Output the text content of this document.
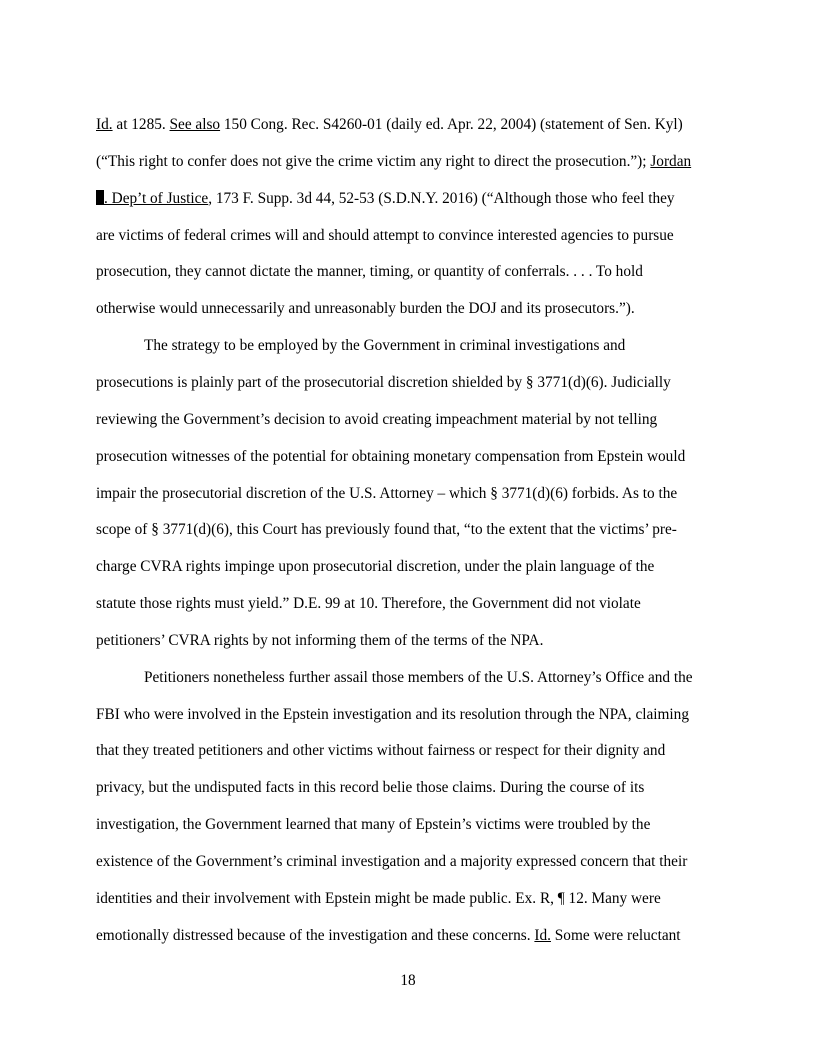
Id. at 1285. See also 150 Cong. Rec. S4260-01 (daily ed. Apr. 22, 2004) (statement of Sen. Kyl)

(“This right to confer does not give the crime victim any right to direct the prosecution.”); Jordan

. Dep’t of Justice, 173 F. Supp. 3d 44, 52-53 (S.D.N.Y. 2016) (“Although those who feel they

are victims of federal crimes will and should attempt to convince interested agencies to pursue

prosecution, they cannot dictate the manner, timing, or quantity of conferrals. . . . To hold

otherwise would unnecessarily and unreasonably burden the DOJ and its prosecutors.”).

The strategy to be employed by the Government in criminal investigations and

prosecutions is plainly part of the prosecutorial discretion shielded by § 3771(d)(6). Judicially

reviewing the Government’s decision to avoid creating impeachment material by not telling

prosecution witnesses of the potential for obtaining monetary compensation from Epstein would

impair the prosecutorial discretion of the U.S. Attorney – which § 3771(d)(6) forbids. As to the

scope of § 3771(d)(6), this Court has previously found that, “to the extent that the victims’ pre-

charge CVRA rights impinge upon prosecutorial discretion, under the plain language of the

statute those rights must yield.” D.E. 99 at 10. Therefore, the Government did not violate

petitioners’ CVRA rights by not informing them of the terms of the NPA.

Petitioners nonetheless further assail those members of the U.S. Attorney’s Office and the

FBI who were involved in the Epstein investigation and its resolution through the NPA, claiming

that they treated petitioners and other victims without fairness or respect for their dignity and

privacy, but the undisputed facts in this record belie those claims. During the course of its

investigation, the Government learned that many of Epstein’s victims were troubled by the

existence of the Government’s criminal investigation and a majority expressed concern that their

identities and their involvement with Epstein might be made public. Ex. R, ¶ 12. Many were

emotionally distressed because of the investigation and these concerns. Id. Some were reluctant

18
